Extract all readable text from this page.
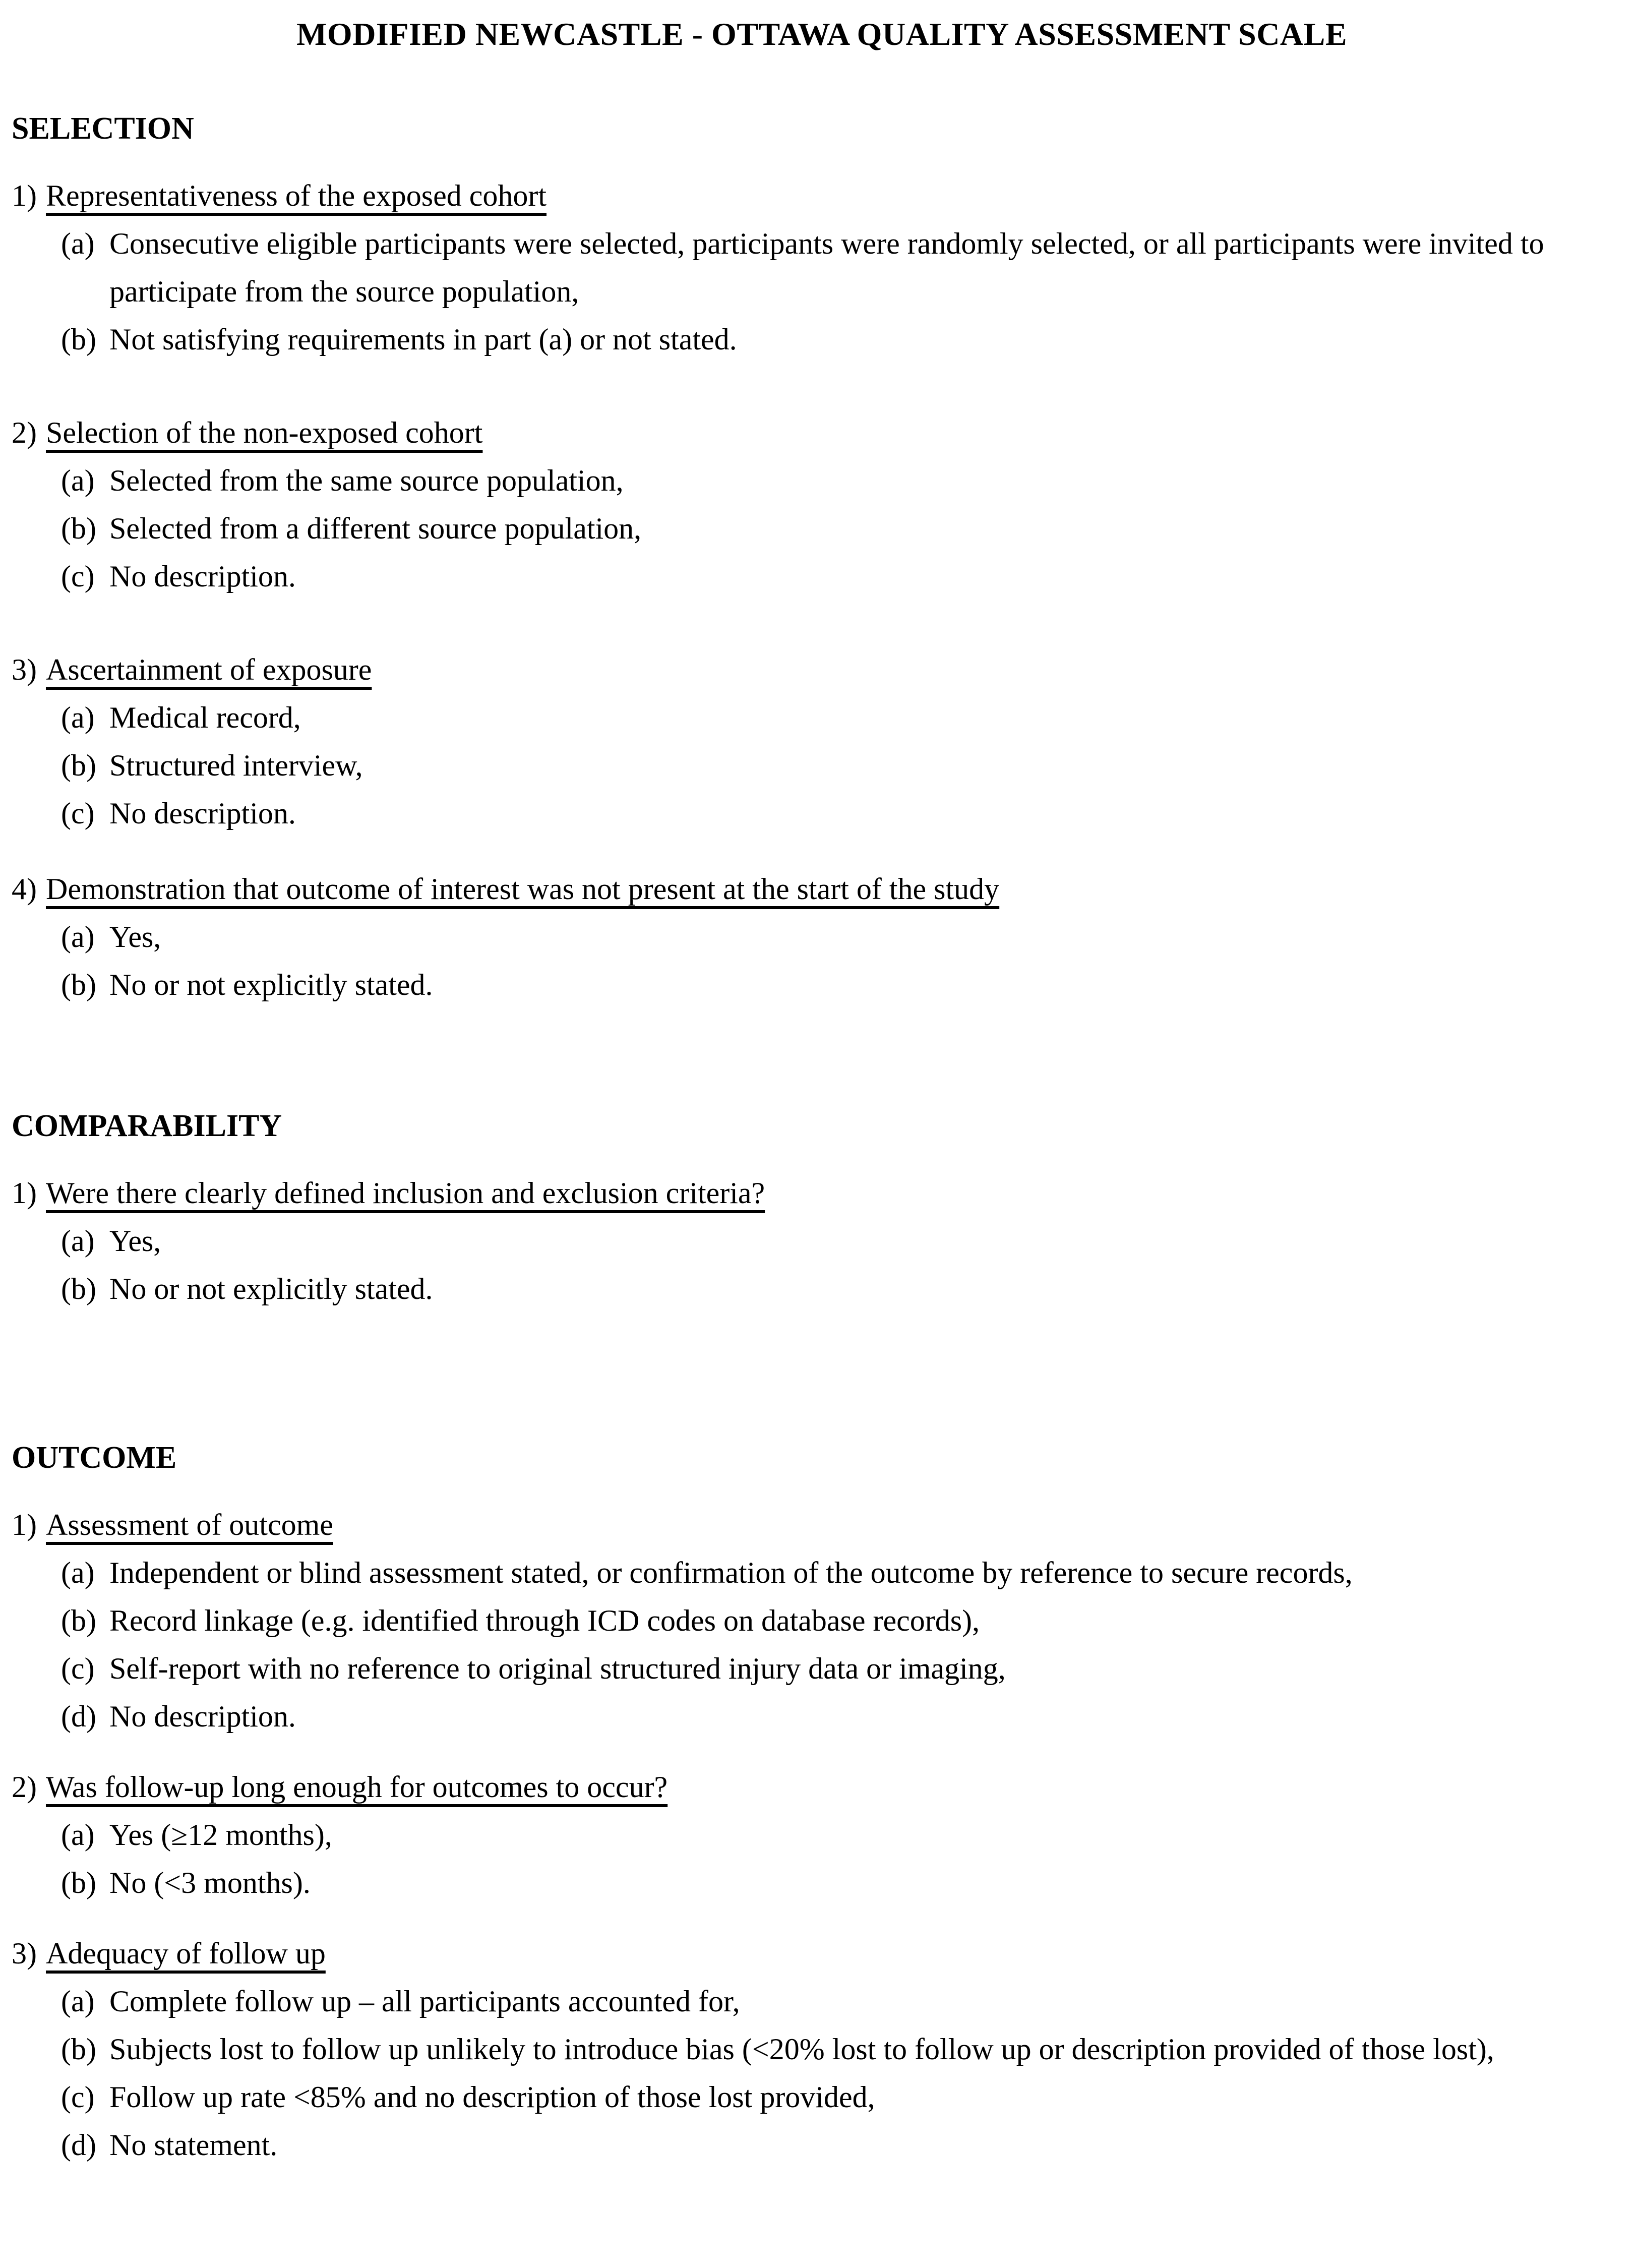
MODIFIED NEWCASTLE - OTTAWA QUALITY ASSESSMENT SCALE
SELECTION
1) Representativeness of the exposed cohort
(a) Consecutive eligible participants were selected, participants were randomly selected, or all participants were invited to participate from the source population,
(b) Not satisfying requirements in part (a) or not stated.
2) Selection of the non-exposed cohort
(a) Selected from the same source population,
(b) Selected from a different source population,
(c) No description.
3) Ascertainment of exposure
(a) Medical record,
(b) Structured interview,
(c) No description.
4) Demonstration that outcome of interest was not present at the start of the study
(a) Yes,
(b) No or not explicitly stated.
COMPARABILITY
1) Were there clearly defined inclusion and exclusion criteria?
(a) Yes,
(b) No or not explicitly stated.
OUTCOME
1) Assessment of outcome
(a) Independent or blind assessment stated, or confirmation of the outcome by reference to secure records,
(b) Record linkage (e.g. identified through ICD codes on database records),
(c) Self-report with no reference to original structured injury data or imaging,
(d) No description.
2) Was follow-up long enough for outcomes to occur?
(a) Yes (≥12 months),
(b) No (<3 months).
3) Adequacy of follow up
(a) Complete follow up – all participants accounted for,
(b) Subjects lost to follow up unlikely to introduce bias (<20% lost to follow up or description provided of those lost),
(c) Follow up rate <85% and no description of those lost provided,
(d) No statement.
